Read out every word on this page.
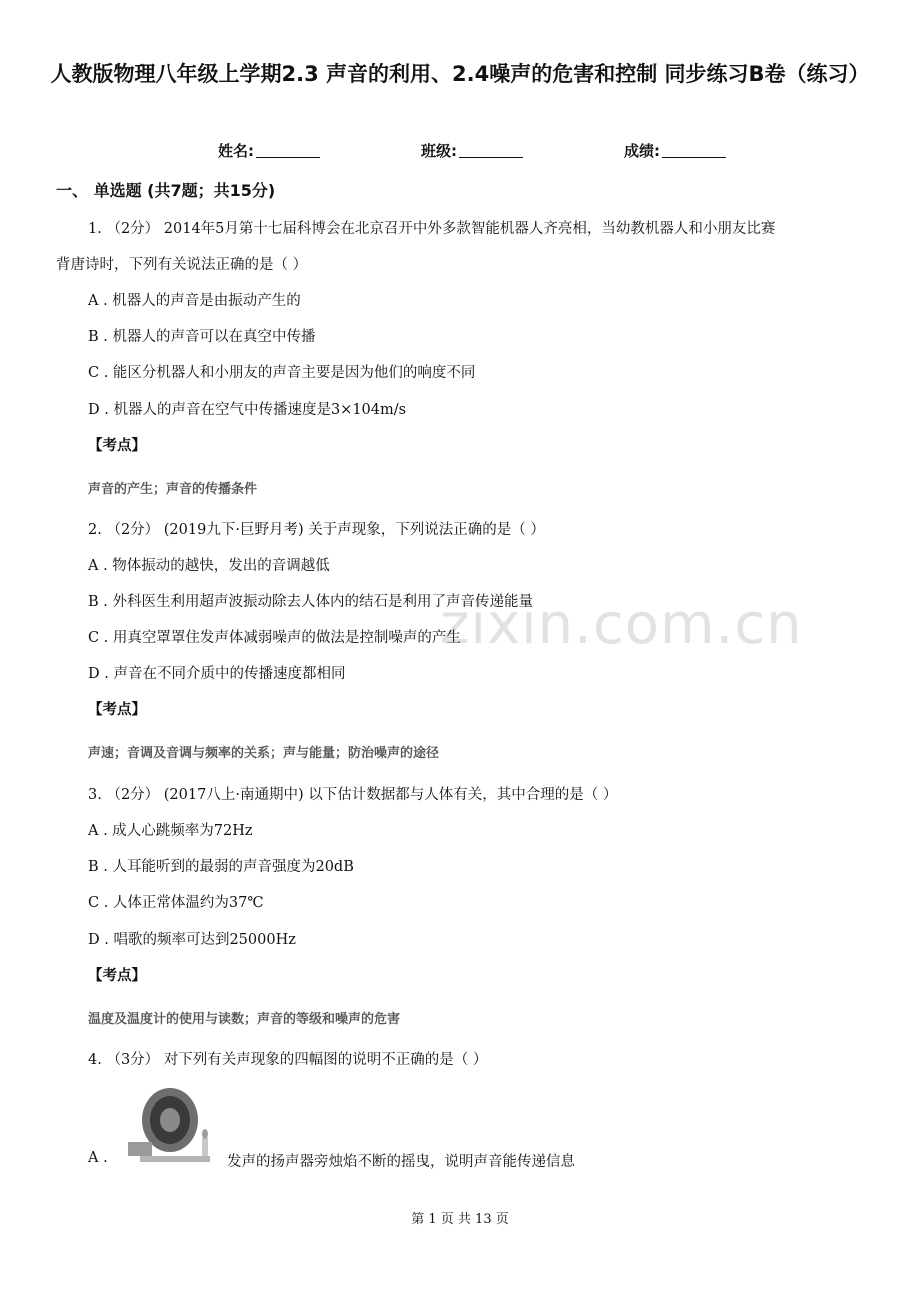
人教版物理八年级上学期2.3 声音的利用、2.4噪声的危害和控制 同步练习B卷（练习）
姓名:	班级:	成绩:
一、 单选题 (共7题；共15分)
zixin.com.cn
1. （2分） 2014年5月第十七届科博会在北京召开中外多款智能机器人齐亮相，当幼教机器人和小朋友比赛
背唐诗时，下列有关说法正确的是（ ）
A . 机器人的声音是由振动产生的
B . 机器人的声音可以在真空中传播
C . 能区分机器人和小朋友的声音主要是因为他们的响度不同
D . 机器人的声音在空气中传播速度是3×104m/s
【考点】
声音的产生；声音的传播条件
2. （2分） (2019九下·巨野月考) 关于声现象，下列说法正确的是（ ）
A . 物体振动的越快，发出的音调越低
B . 外科医生利用超声波振动除去人体内的结石是利用了声音传递能量
C . 用真空罩罩住发声体减弱噪声的做法是控制噪声的产生
D . 声音在不同介质中的传播速度都相同
【考点】
声速；音调及音调与频率的关系；声与能量；防治噪声的途径
3. （2分） (2017八上·南通期中) 以下估计数据都与人体有关，其中合理的是（ ）
A . 成人心跳频率为72Hz
B . 人耳能听到的最弱的声音强度为20dB
C . 人体正常体温约为37℃
D . 唱歌的频率可达到25000Hz
【考点】
温度及温度计的使用与读数；声音的等级和噪声的危害
4. （3分） 对下列有关声现象的四幅图的说明不正确的是（ ）
A .	发声的扬声器旁烛焰不断的摇曳，说明声音能传递信息
第 1 页 共 13 页
